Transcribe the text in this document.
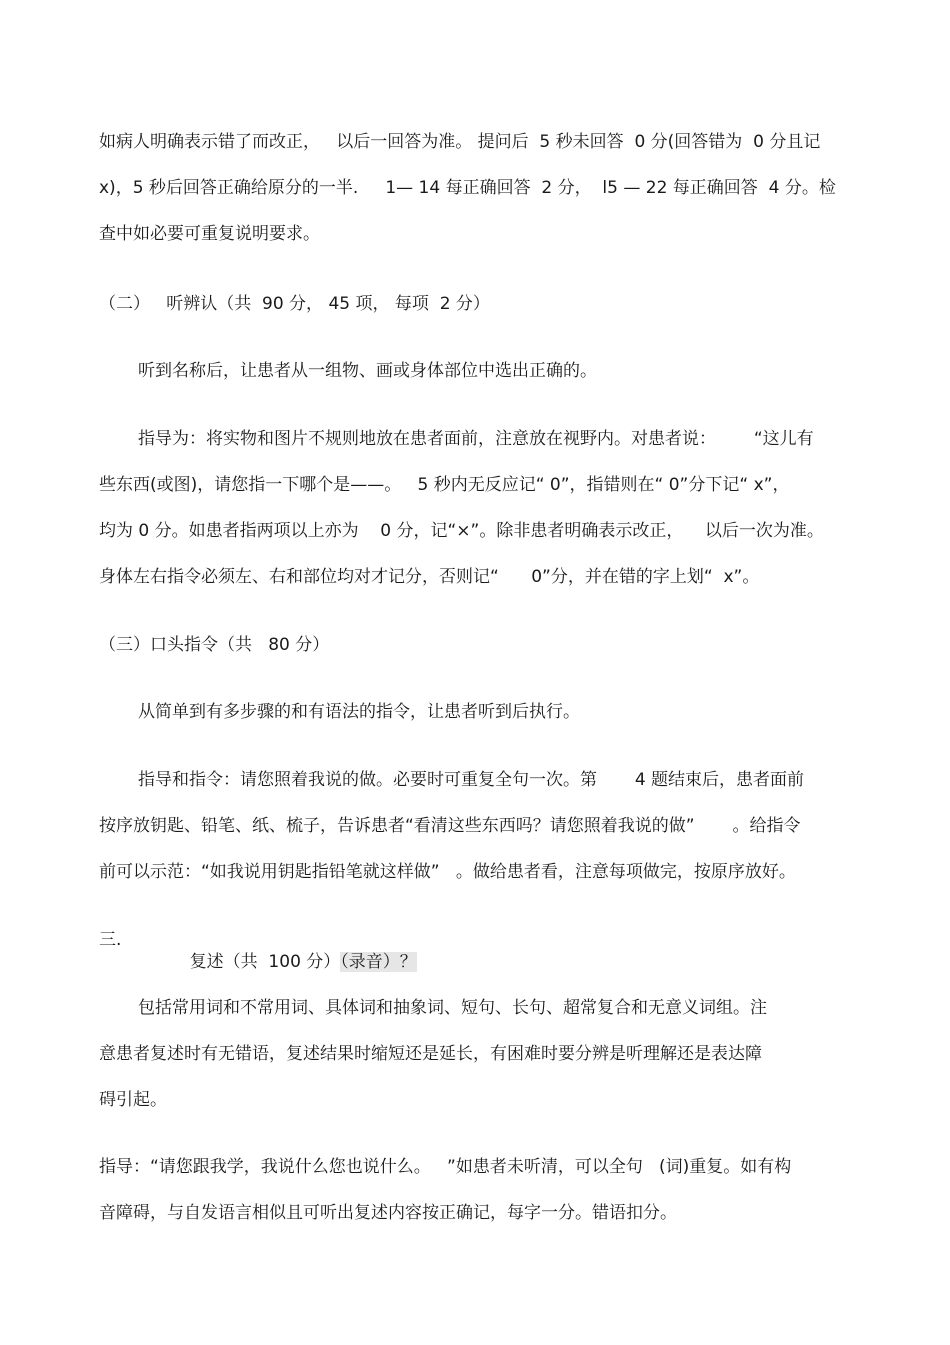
如病人明确表示错了而改正，   以后一回答为准。 提问后  5 秒未回答  0 分(回答错为  0 分且记
x)，5 秒后回答正确给原分的一半.     1— 14 每正确回答  2 分，  l5 — 22 每正确回答  4 分。检
查中如必要可重复说明要求。
（二）   听辨认（共  90 分， 45 项， 每项  2 分）
听到名称后，让患者从一组物、画或身体部位中选出正确的。
指导为：将实物和图片不规则地放在患者面前，注意放在视野内。对患者说：       “这儿有
些东西(或图)，请您指一下哪个是——。   5 秒内无反应记“ 0”，指错则在“ 0”分下记“ x”，
均为 0 分。如患者指两项以上亦为    0 分，记“×”。除非患者明确表示改正，    以后一次为准。
身体左右指令必须左、右和部位均对才记分，否则记“      0”分，并在错的字上划“  x”。
（三）口头指令（共   80 分）
从简单到有多步骤的和有语法的指令，让患者听到后执行。
指导和指令：请您照着我说的做。必要时可重复全句一次。第       4 题结束后，患者面前
按序放钥匙、铅笔、纸、梳子，告诉患者“看清这些东西吗？请您照着我说的做”       。给指令
前可以示范：“如我说用钥匙指铅笔就这样做”   。做给患者看，注意每项做完，按原序放好。
三.

复述（共  100 分）（录音）？

包括常用词和不常用词、具体词和抽象词、短句、长句、超常复合和无意义词组。注
意患者复述时有无错语，复述结果时缩短还是延长，有困难时要分辨是听理解还是表达障
碍引起。
指导：“请您跟我学，我说什么您也说什么。   ”如患者未听清，可以全句   (词)重复。如有构
音障碍，与自发语言相似且可听出复述内容按正确记，每字一分。错语扣分。
